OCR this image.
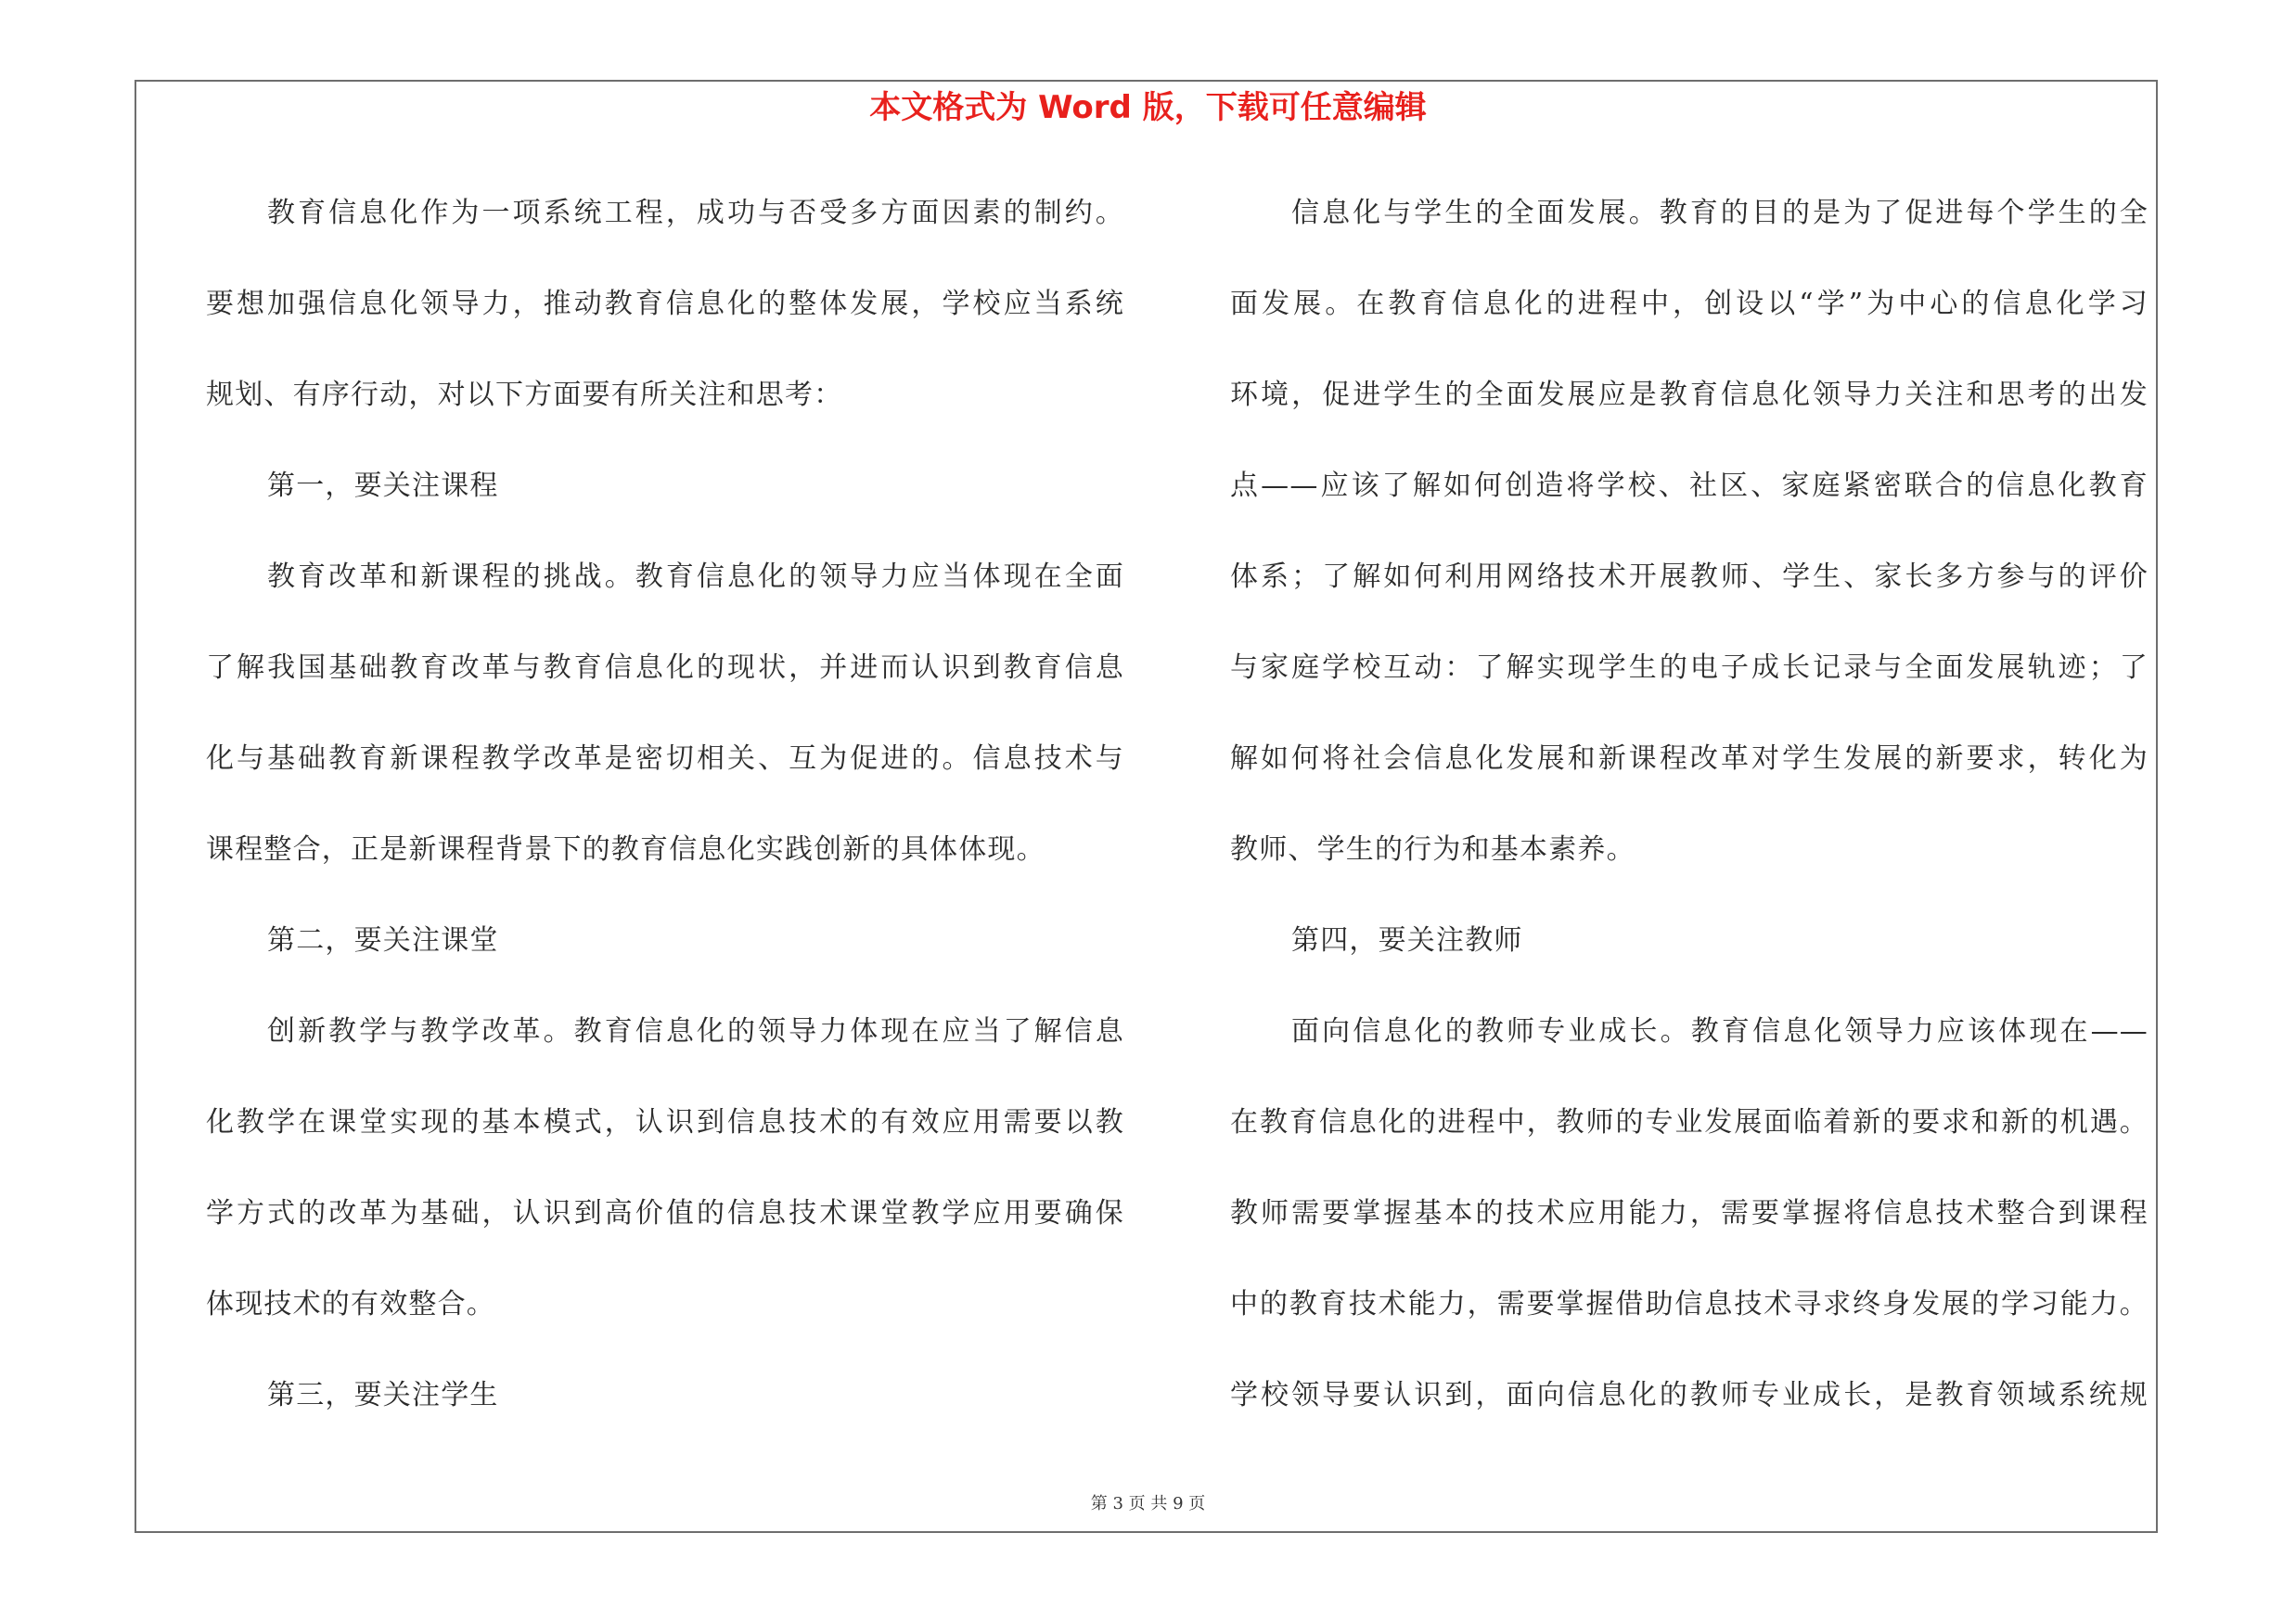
本文格式为 Word 版，下载可任意编辑
教育信息化作为一项系统工程，成功与否受多方面因素的制约。
要想加强信息化领导力，推动教育信息化的整体发展，学校应当系统
规划、有序行动，对以下方面要有所关注和思考：
第一，要关注课程
教育改革和新课程的挑战。教育信息化的领导力应当体现在全面
了解我国基础教育改革与教育信息化的现状，并进而认识到教育信息
化与基础教育新课程教学改革是密切相关、互为促进的。信息技术与
课程整合，正是新课程背景下的教育信息化实践创新的具体体现。
第二，要关注课堂
创新教学与教学改革。教育信息化的领导力体现在应当了解信息
化教学在课堂实现的基本模式，认识到信息技术的有效应用需要以教
学方式的改革为基础，认识到高价值的信息技术课堂教学应用要确保
体现技术的有效整合。
第三，要关注学生
信息化与学生的全面发展。教育的目的是为了促进每个学生的全
面发展。在教育信息化的进程中，创设以“学”为中心的信息化学习
环境，促进学生的全面发展应是教育信息化领导力关注和思考的出发
点——应该了解如何创造将学校、社区、家庭紧密联合的信息化教育
体系；了解如何利用网络技术开展教师、学生、家长多方参与的评价
与家庭学校互动：了解实现学生的电子成长记录与全面发展轨迹；了
解如何将社会信息化发展和新课程改革对学生发展的新要求，转化为
教师、学生的行为和基本素养。
第四，要关注教师
面向信息化的教师专业成长。教育信息化领导力应该体现在——
在教育信息化的进程中，教师的专业发展面临着新的要求和新的机遇。
教师需要掌握基本的技术应用能力，需要掌握将信息技术整合到课程
中的教育技术能力，需要掌握借助信息技术寻求终身发展的学习能力。
学校领导要认识到，面向信息化的教师专业成长，是教育领域系统规
第 3 页 共 9 页
